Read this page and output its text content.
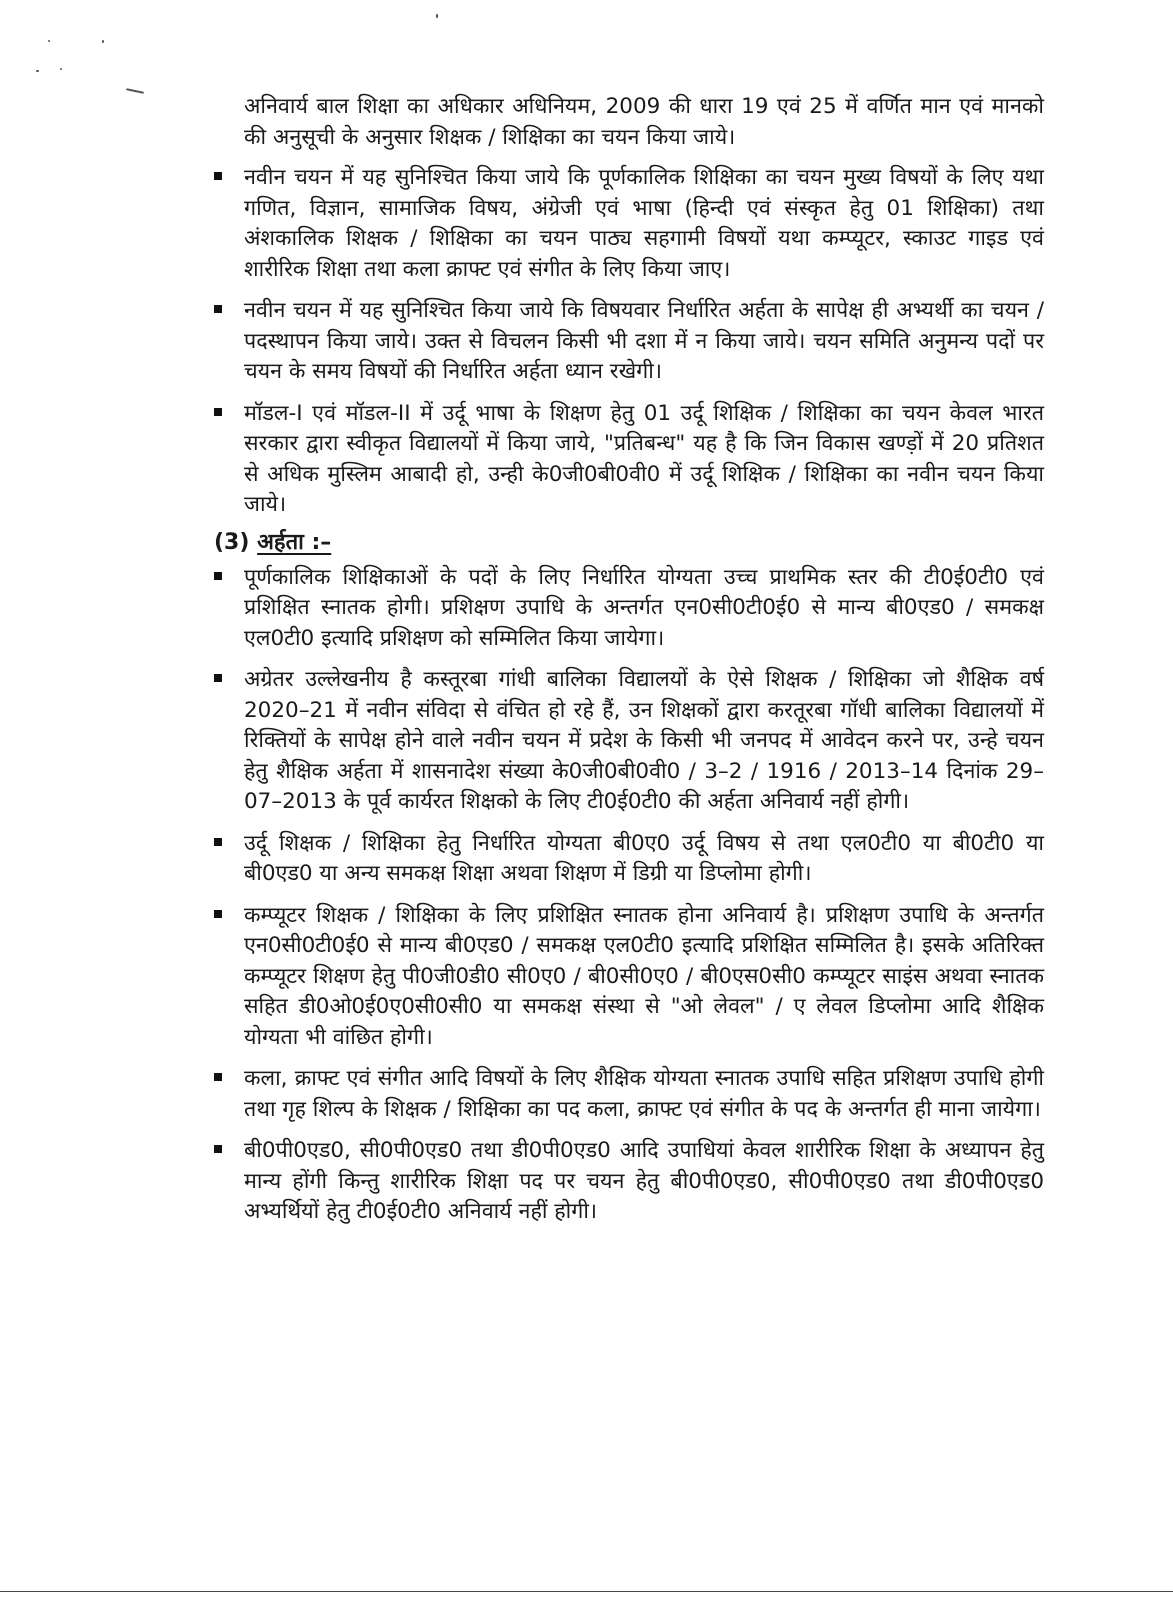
अनिवार्य बाल शिक्षा का अधिकार अधिनियम, 2009 की धारा 19 एवं 25 में वर्णित मान एवं मानको की अनुसूची के अनुसार शिक्षक / शिक्षिका का चयन किया जाये।

नवीन चयन में यह सुनिश्चित किया जाये कि पूर्णकालिक शिक्षिका का चयन मुख्य विषयों के लिए यथा गणित, विज्ञान, सामाजिक विषय, अंग्रेजी एवं भाषा (हिन्दी एवं संस्कृत हेतु 01 शिक्षिका) तथा अंशकालिक शिक्षक / शिक्षिका का चयन पाठ्य सहगामी विषयों यथा कम्प्यूटर, स्काउट गाइड एवं शारीरिक शिक्षा तथा कला क्राफ्ट एवं संगीत के लिए किया जाए।

नवीन चयन में यह सुनिश्चित किया जाये कि विषयवार निर्धारित अर्हता के सापेक्ष ही अभ्यर्थी का चयन / पदस्थापन किया जाये। उक्त से विचलन किसी भी दशा में न किया जाये। चयन समिति अनुमन्य पदों पर चयन के समय विषयों की निर्धारित अर्हता ध्यान रखेगी।

मॉडल-I एवं मॉडल-II में उर्दू भाषा के शिक्षण हेतु 01 उर्दू शिक्षिक / शिक्षिका का चयन केवल भारत सरकार द्वारा स्वीकृत विद्यालयों में किया जाये, "प्रतिबन्ध" यह है कि जिन विकास खण्ड़ों में 20 प्रतिशत से अधिक मुस्लिम आबादी हो, उन्ही के0जी0बी0वी0 में उर्दू शिक्षिक / शिक्षिका का नवीन चयन किया जाये।

(3) अर्हता :–

पूर्णकालिक शिक्षिकाओं के पदों के लिए निर्धारित योग्यता उच्च प्राथमिक स्तर की टी0ई0टी0 एवं प्रशिक्षित स्नातक होगी। प्रशिक्षण उपाधि के अन्तर्गत एन0सी0टी0ई0 से मान्य बी0एड0 / समकक्ष एल0टी0 इत्यादि प्रशिक्षण को सम्मिलित किया जायेगा।

अग्रेतर उल्लेखनीय है कस्तूरबा गांधी बालिका विद्यालयों के ऐसे शिक्षक / शिक्षिका जो शैक्षिक वर्ष 2020–21 में नवीन संविदा से वंचित हो रहे हैं, उन शिक्षकों द्वारा करतूरबा गॉधी बालिका विद्यालयों में रिक्तियों के सापेक्ष होने वाले नवीन चयन में प्रदेश के किसी भी जनपद में आवेदन करने पर, उन्हे चयन हेतु शैक्षिक अर्हता में शासनादेश संख्या के0जी0बी0वी0 / 3–2 / 1916 / 2013–14 दिनांक 29–07–2013 के पूर्व कार्यरत शिक्षको के लिए टी0ई0टी0 की अर्हता अनिवार्य नहीं होगी।

उर्दू शिक्षक / शिक्षिका हेतु निर्धारित योग्यता बी0ए0 उर्दू विषय से तथा एल0टी0 या बी0टी0 या बी0एड0 या अन्य समकक्ष शिक्षा अथवा शिक्षण में डिग्री या डिप्लोमा होगी।

कम्प्यूटर शिक्षक / शिक्षिका के लिए प्रशिक्षित स्नातक होना अनिवार्य है। प्रशिक्षण उपाधि के अन्तर्गत एन0सी0टी0ई0 से मान्य बी0एड0 / समकक्ष एल0टी0 इत्यादि प्रशिक्षित सम्मिलित है। इसके अतिरिक्त कम्प्यूटर शिक्षण हेतु पी0जी0डी0 सी0ए0 / बी0सी0ए0 / बी0एस0सी0 कम्प्यूटर साइंस अथवा स्नातक सहित डी0ओ0ई0ए0सी0सी0 या समकक्ष संस्था से "ओ लेवल" / ए लेवल डिप्लोमा आदि शैक्षिक योग्यता भी वांछित होगी।

कला, क्राफ्ट एवं संगीत आदि विषयों के लिए शैक्षिक योग्यता स्नातक उपाधि सहित प्रशिक्षण उपाधि होगी तथा गृह शिल्प के शिक्षक / शिक्षिका का पद कला, क्राफ्ट एवं संगीत के पद के अन्तर्गत ही माना जायेगा।

बी0पी0एड0, सी0पी0एड0 तथा डी0पी0एड0 आदि उपाधियां केवल शारीरिक शिक्षा के अध्यापन हेतु मान्य होंगी किन्तु शारीरिक शिक्षा पद पर चयन हेतु बी0पी0एड0, सी0पी0एड0 तथा डी0पी0एड0 अभ्यर्थियों हेतु टी0ई0टी0 अनिवार्य नहीं होगी।
